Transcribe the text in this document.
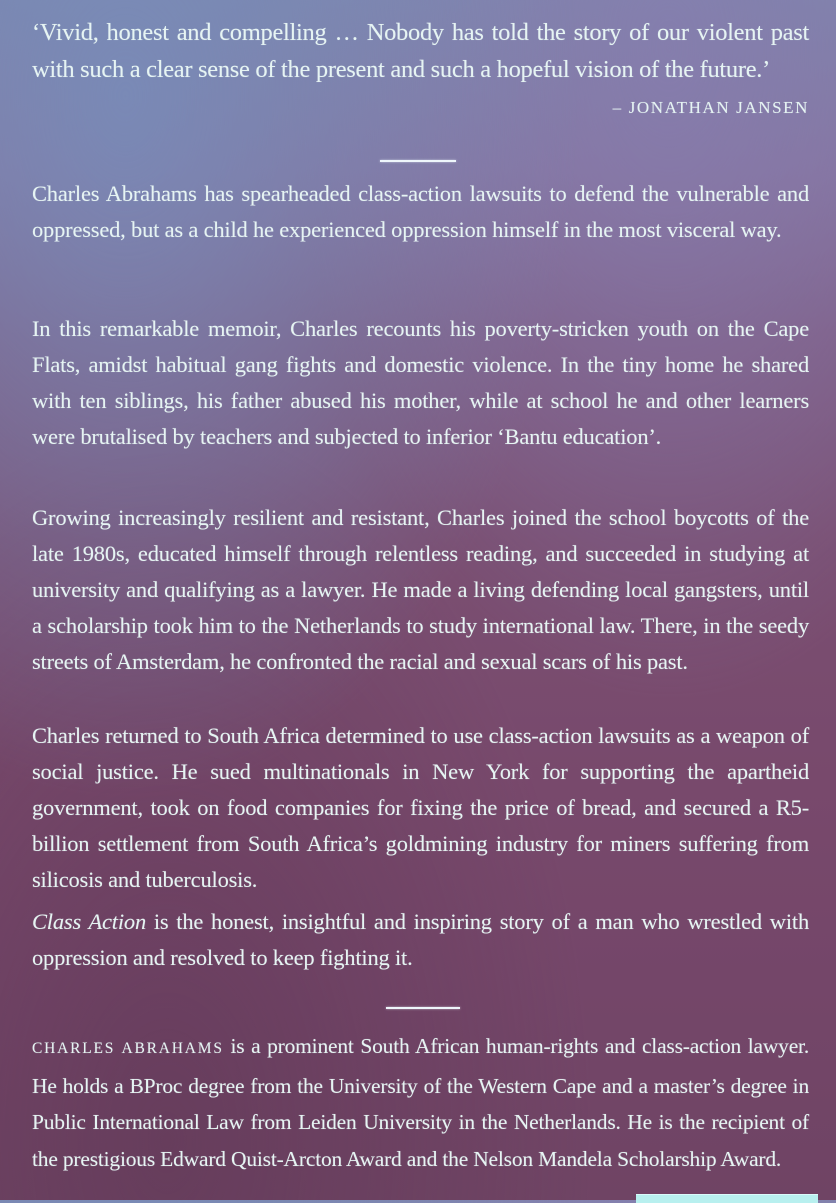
‘Vivid, honest and compelling … Nobody has told the story of our violent past with such a clear sense of the present and such a hopeful vision of the future.’
– JONATHAN JANSEN

Charles Abrahams has spearheaded class-action lawsuits to defend the vulnerable and oppressed, but as a child he experienced oppression himself in the most visceral way.

In this remarkable memoir, Charles recounts his poverty-stricken youth on the Cape Flats, amidst habitual gang fights and domestic violence. In the tiny home he shared with ten siblings, his father abused his mother, while at school he and other learners were brutalised by teachers and subjected to inferior ‘Bantu education’.

Growing increasingly resilient and resistant, Charles joined the school boycotts of the late 1980s, educated himself through relentless reading, and succeeded in studying at university and qualifying as a lawyer. He made a living defending local gangsters, until a scholarship took him to the Netherlands to study international law. There, in the seedy streets of Amsterdam, he confronted the racial and sexual scars of his past.

Charles returned to South Africa determined to use class-action lawsuits as a weapon of social justice. He sued multinationals in New York for supporting the apartheid government, took on food companies for fixing the price of bread, and secured a R5-billion settlement from South Africa’s goldmining industry for miners suffering from silicosis and tuberculosis.

Class Action is the honest, insightful and inspiring story of a man who wrestled with oppression and resolved to keep fighting it.

CHARLES ABRAHAMS is a prominent South African human-rights and class-action lawyer. He holds a BProc degree from the University of the Western Cape and a master’s degree in Public International Law from Leiden University in the Netherlands. He is the recipient of the prestigious Edward Quist-Arcton Award and the Nelson Mandela Scholarship Award.
